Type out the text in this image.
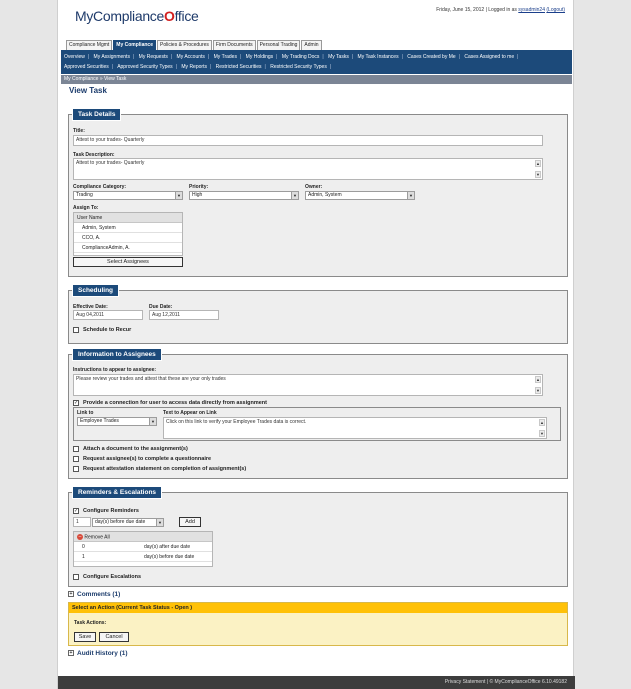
MyComplianceOffice	Friday, June 15, 2012 | Logged in as sysadmin24 (Logout)
Compliance Mgmt	My Compliance	Policies & Procedures	Firm Documents	Personal Trading	Admin
Overview | My Assignments | My Requests | My Accounts | My Trades | My Holdings | My Trading Docs | My Tasks | My Task Instances | Cases Created by Me | Cases Assigned to me |
Approved Securities | Approved Security Types | My Reports | Restricted Securities | Restricted Security Types |
My Compliance » View Task
View Task
Task Details
Title:
Attest to your trades- Quarterly
Task Description:
Attest to your trades- Quarterly	▲
▼
Compliance Category:
Trading	▼
Priority:
High	▼
Owner:
Admin, System	▼
Assign To:
User Name
Admin, System
CCO, A.
ComplianceAdmin, A.
Select Assignees
Scheduling
Effective Date:
Aug 04,2011
Due Date:
Aug 12,2011
Schedule to Recur
Information to Assignees
Instructions to appear to assignee:
Please review your trades and attest that these are your only trades	▲
▼
✓ Provide a connection for user to access data directly from assignment
Link to
Employee Trades	▼
Text to Appear on Link
Click on this link to verify your Employee Trades data is correct.	▲
▼
Attach a document to the assignment(s)
Request assignee(s) to complete a questionnaire
Request attestation statement on completion of assignment(s)
Reminders & Escalations
✓ Configure Reminders
1	day(s) before due date	▼	Add
– Remove All
0	day(s) after due date
1	day(s) before due date
Configure Escalations
+ Comments (1)
Select an Action (Current Task Status - Open )
Task Actions:
Save	Cancel
+ Audit History (1)
Privacy Statement | © MyComplianceOffice 6.10.49182
